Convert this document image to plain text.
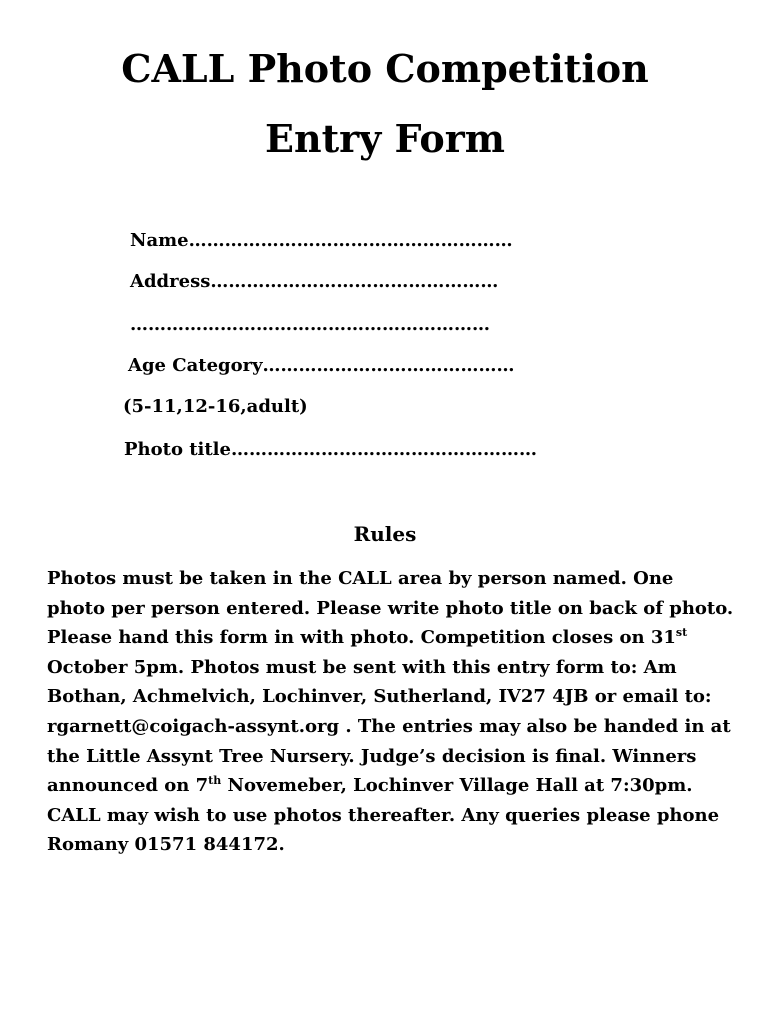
CALL Photo Competition
Entry Form
Name………………………………………………
Address…………………………………………
……………………………………………………
Age Category……………………………………
(5-11,12-16,adult)
Photo title……………………………………………
Rules

Photos must be taken in the CALL area by person named. One photo per person entered. Please write photo title on back of photo. Please hand this form in with photo. Competition closes on 31st October 5pm. Photos must be sent with this entry form to: Am Bothan, Achmelvich, Lochinver, Sutherland, IV27 4JB or email to: rgarnett@coigach-assynt.org . The entries may also be handed in at the Little Assynt Tree Nursery. Judge’s decision is final. Winners announced on 7th Novemeber, Lochinver Village Hall at 7:30pm. CALL may wish to use photos thereafter. Any queries please phone Romany 01571 844172.
